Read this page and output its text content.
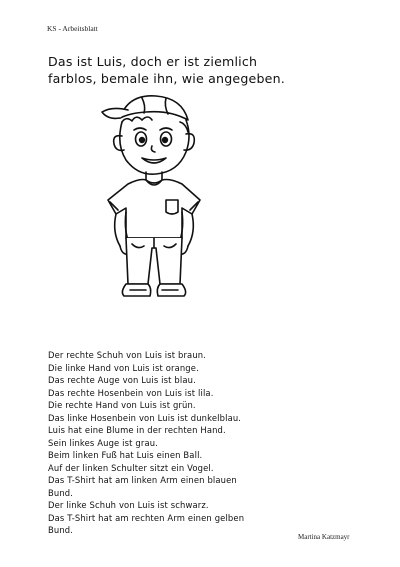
KS - Arbeitsblatt
Das ist Luis, doch er ist ziemlich
farblos, bemale ihn, wie angegeben.
Der rechte Schuh von Luis ist braun.
Die linke Hand von Luis ist orange.
Das rechte Auge von Luis ist blau.
Das rechte Hosenbein von Luis ist lila.
Die rechte Hand von Luis ist grün.
Das linke Hosenbein von Luis ist dunkelblau.
Luis hat eine Blume in der rechten Hand.
Sein linkes Auge ist grau.
Beim linken Fuß hat Luis einen Ball.
Auf der linken Schulter sitzt ein Vogel.
Das T-Shirt hat am linken Arm einen blauen
Bund.
Der linke Schuh von Luis ist schwarz.
Das T-Shirt hat am rechten Arm einen gelben
Bund.
Martina Katzmayr
